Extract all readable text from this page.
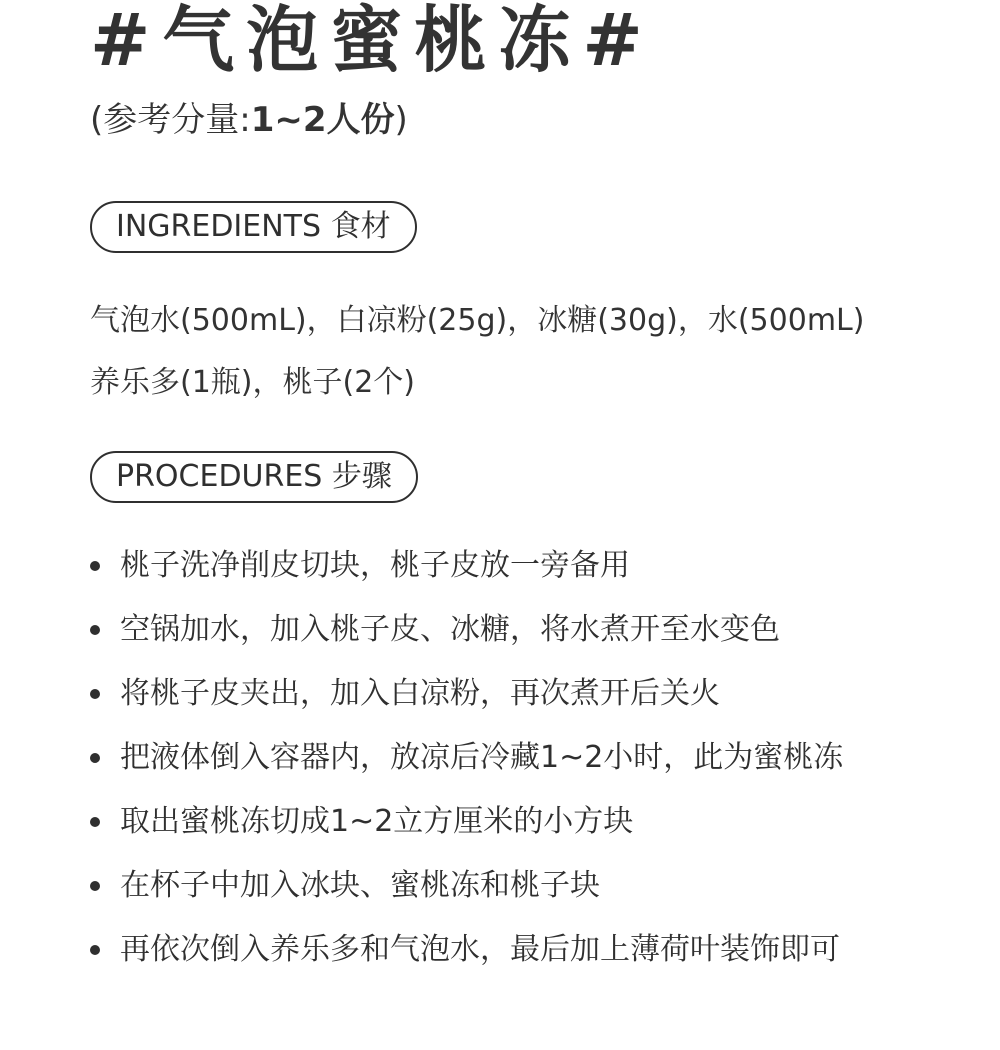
#气泡蜜桃冻#
(参考分量:1~2人份)
INGREDIENTS 食材
气泡水(500mL)，白凉粉(25g)，冰糖(30g)，水(500mL)
养乐多(1瓶)，桃子(2个)
PROCEDURES 步骤
桃子洗净削皮切块，桃子皮放一旁备用
空锅加水，加入桃子皮、冰糖，将水煮开至水变色
将桃子皮夹出，加入白凉粉，再次煮开后关火
把液体倒入容器内，放凉后冷藏1~2小时，此为蜜桃冻
取出蜜桃冻切成1~2立方厘米的小方块
在杯子中加入冰块、蜜桃冻和桃子块
再依次倒入养乐多和气泡水，最后加上薄荷叶装饰即可
